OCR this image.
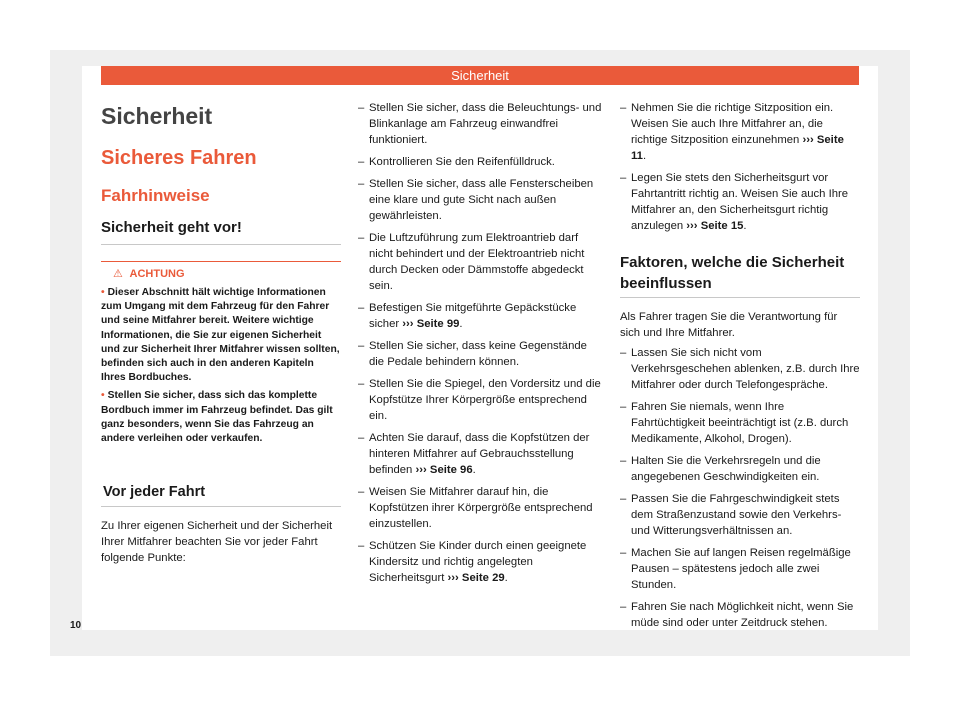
Sicherheit
Sicherheit
Sicheres Fahren
Fahrhinweise
Sicherheit geht vor!
⚠ ACHTUNG
• Dieser Abschnitt hält wichtige Informationen zum Umgang mit dem Fahrzeug für den Fahrer und seine Mitfahrer bereit. Weitere wichtige Informationen, die Sie zur eigenen Sicherheit und zur Sicherheit Ihrer Mitfahrer wissen sollten, befinden sich auch in den anderen Kapiteln Ihres Bordbuches.
• Stellen Sie sicher, dass sich das komplette Bordbuch immer im Fahrzeug befindet. Das gilt ganz besonders, wenn Sie das Fahrzeug an andere verleihen oder verkaufen.
Vor jeder Fahrt
Zu Ihrer eigenen Sicherheit und der Sicherheit Ihrer Mitfahrer beachten Sie vor jeder Fahrt folgende Punkte:
– Stellen Sie sicher, dass die Beleuchtungs- und Blinkanlage am Fahrzeug einwandfrei funktioniert.
– Kontrollieren Sie den Reifenfülldruck.
– Stellen Sie sicher, dass alle Fensterscheiben eine klare und gute Sicht nach außen gewährleisten.
– Die Luftzuführung zum Elektroantrieb darf nicht behindert und der Elektroantrieb nicht durch Decken oder Dämmstoffe abgedeckt sein.
– Befestigen Sie mitgeführte Gepäckstücke sicher ››› Seite 99.
– Stellen Sie sicher, dass keine Gegenstände die Pedale behindern können.
– Stellen Sie die Spiegel, den Vordersitz und die Kopfstütze Ihrer Körpergröße entsprechend ein.
– Achten Sie darauf, dass die Kopfstützen der hinteren Mitfahrer auf Gebrauchsstellung befinden ››› Seite 96.
– Weisen Sie Mitfahrer darauf hin, die Kopfstützen ihrer Körpergröße entsprechend einzustellen.
– Schützen Sie Kinder durch einen geeignete Kindersitz und richtig angelegten Sicherheitsgurt ››› Seite 29.
– Nehmen Sie die richtige Sitzposition ein. Weisen Sie auch Ihre Mitfahrer an, die richtige Sitzposition einzunehmen ››› Seite 11.
– Legen Sie stets den Sicherheitsgurt vor Fahrtantritt richtig an. Weisen Sie auch Ihre Mitfahrer an, den Sicherheitsgurt richtig anzulegen ››› Seite 15.
Faktoren, welche die Sicherheit beeinflussen
Als Fahrer tragen Sie die Verantwortung für sich und Ihre Mitfahrer.
– Lassen Sie sich nicht vom Verkehrsgeschehen ablenken, z.B. durch Ihre Mitfahrer oder durch Telefongespräche.
– Fahren Sie niemals, wenn Ihre Fahrtüchtigkeit beeinträchtigt ist (z.B. durch Medikamente, Alkohol, Drogen).
– Halten Sie die Verkehrsregeln und die angegebenen Geschwindigkeiten ein.
– Passen Sie die Fahrgeschwindigkeit stets dem Straßenzustand sowie den Verkehrs- und Witterungsverhältnissen an.
– Machen Sie auf langen Reisen regelmäßige Pausen – spätestens jedoch alle zwei Stunden.
– Fahren Sie nach Möglichkeit nicht, wenn Sie müde sind oder unter Zeitdruck stehen.
10
